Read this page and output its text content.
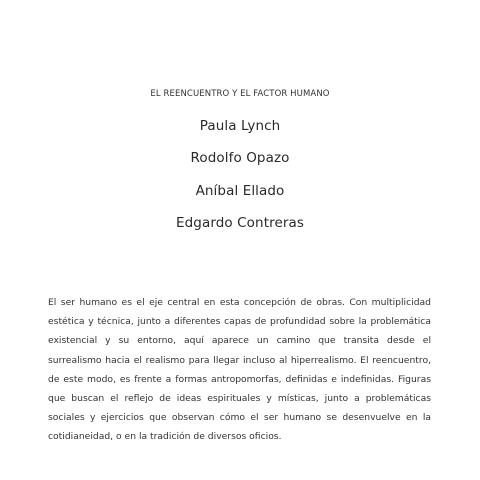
EL REENCUENTRO Y EL FACTOR HUMANO
Paula Lynch
Rodolfo Opazo
Aníbal Ellado
Edgardo Contreras

El ser humano es el eje central en esta concepción de obras. Con multiplicidad estética y técnica, junto a diferentes capas de profundidad sobre la problemática existencial y su entorno, aquí aparece un camino que transita desde el surrealismo hacia el realismo para llegar incluso al hiperrealismo. El reencuentro, de este modo, es frente a formas antropomorfas, definidas e indefinidas. Figuras que buscan el reflejo de ideas espirituales y místicas, junto a problemáticas sociales y ejercicios que observan cómo el ser humano se desenvuelve en la cotidianeidad, o en la tradición de diversos oficios.
